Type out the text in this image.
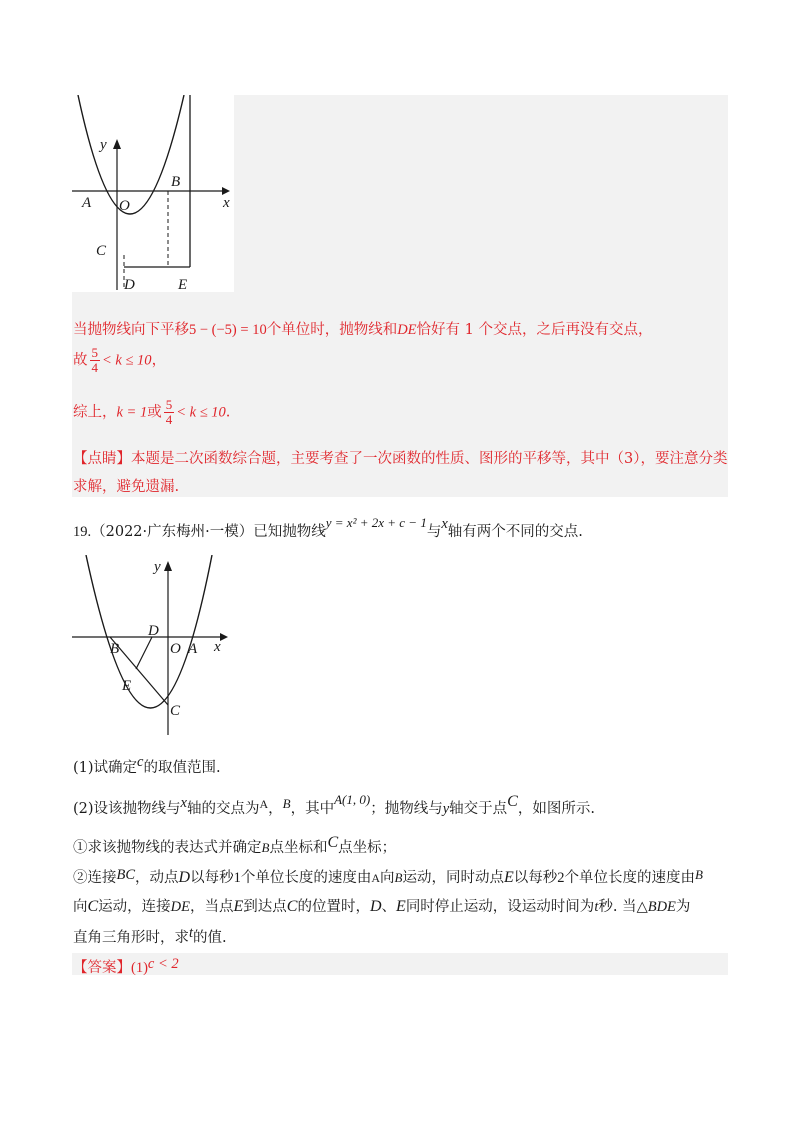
y
x
A O
B
C
D	E
当抛物线向下平移5 − (−5) = 10个单位时，抛物线和DE恰好有 1 个交点，之后再没有交点，
故 $\frac{5}{4} < k \le 10$，
综上，k = 1或 $\frac{5}{4} < k \le 10$.
【点睛】本题是二次函数综合题，主要考查了一次函数的性质、图形的平移等，其中（3），要注意分类
求解，避免遗漏.
19.（2022·广东梅州·一模）已知抛物线y = x² + 2x + c − 1与x轴有两个不同的交点.
y
x
D
B	O A
E
C
(1)试确定c的取值范围.
(2)设该抛物线与x轴的交点为$^A$，B，其中A(1, 0)；抛物线与y轴交于点C，如图所示.
①求该抛物线的表达式并确定B点坐标和C点坐标；
②连接BC，动点D以每秒1个单位长度的速度由A向B运动，同时动点E以每秒2个单位长度的速度由B
向C运动，连接DE，当点E到达点C的位置时，D、E同时停止运动，设运动时间为t秒. 当△BDE为
直角三角形时，求t的值.
【答案】(1)c < 2
